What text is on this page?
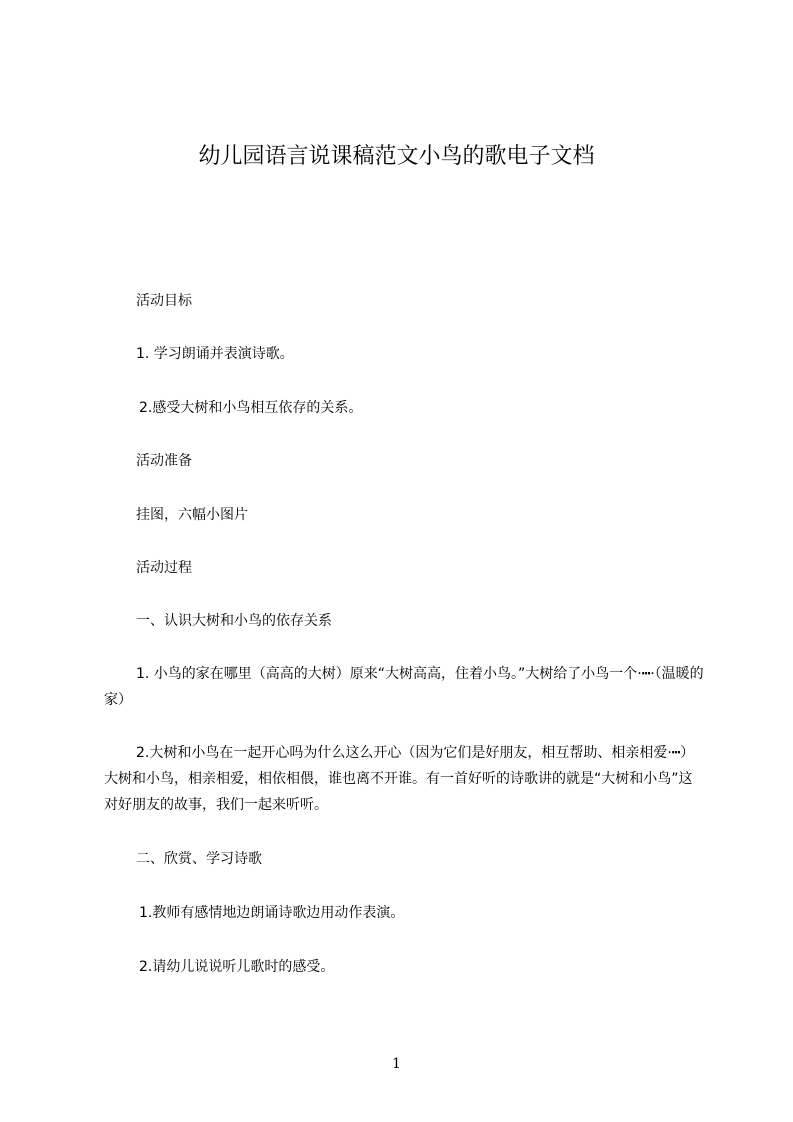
幼儿园语言说课稿范文小鸟的歌电子文档

活动目标

1. 学习朗诵并表演诗歌。

2.感受大树和小鸟相互依存的关系。

活动准备

挂图，六幅小图片

活动过程

一、认识大树和小鸟的依存关系

1. 小鸟的家在哪里（高高的大树）原来“大树高高，住着小鸟。”大树给了小鸟一个·┅·（温暖的家）

2.大树和小鸟在一起开心吗为什么这么开心（因为它们是好朋友，相互帮助、相亲相爱·┅）大树和小鸟，相亲相爱，相依相偎，谁也离不开谁。有一首好听的诗歌讲的就是“大树和小鸟”这对好朋友的故事，我们一起来听听。

二、欣赏、学习诗歌

1.教师有感情地边朗诵诗歌边用动作表演。

2.请幼儿说说听儿歌时的感受。

1
